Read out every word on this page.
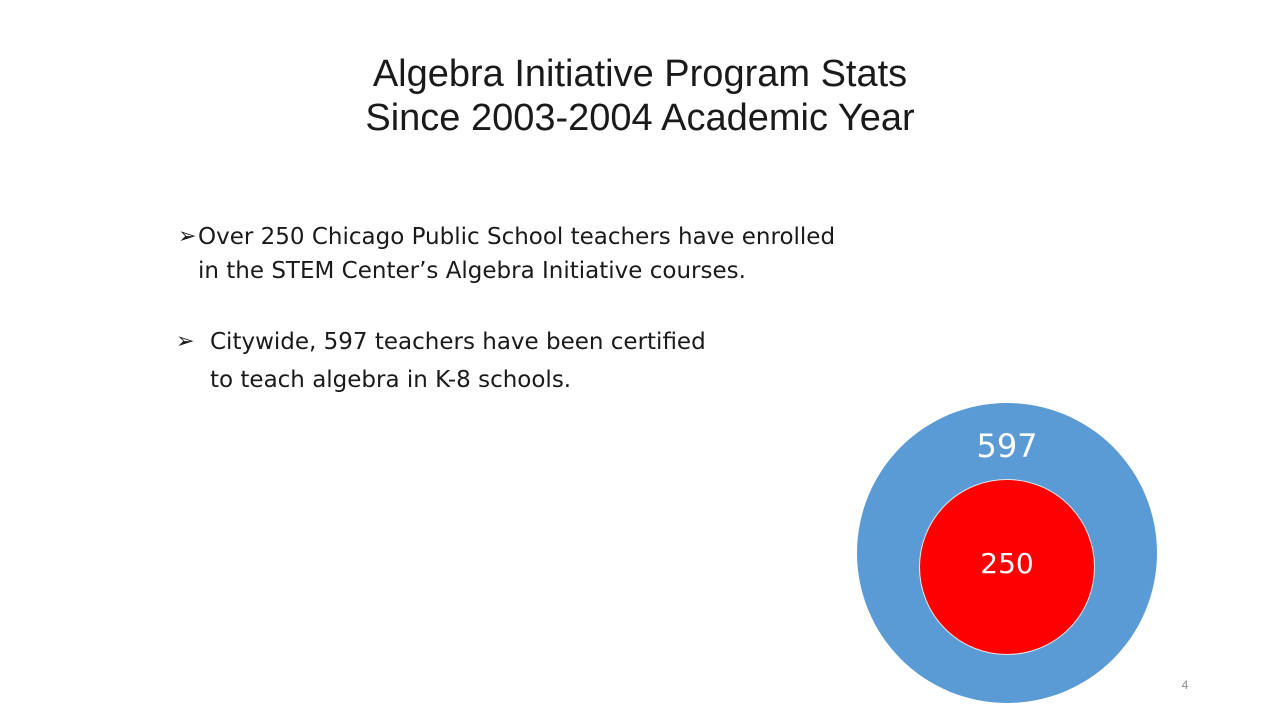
Algebra Initiative Program Stats
Since 2003-2004 Academic Year
➢ Over 250 Chicago Public School teachers have enrolled
in the STEM Center’s Algebra Initiative courses.
➢ Citywide, 597 teachers have been certified
to teach algebra in K-8 schools.
597
250
4
